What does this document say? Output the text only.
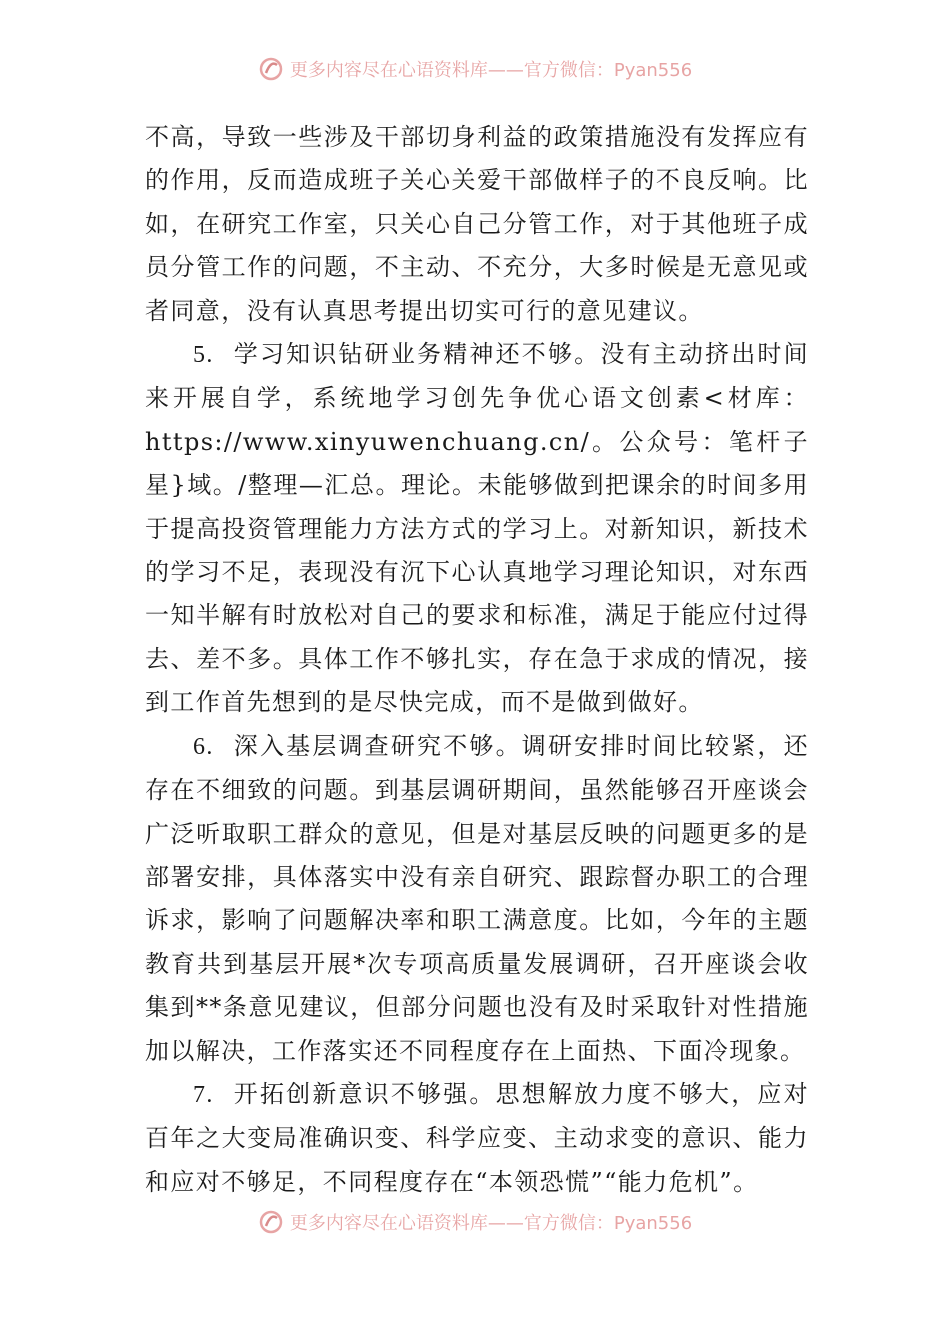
更多内容尽在心语资料库——官方微信：Pyan556

不高，导致一些涉及干部切身利益的政策措施没有发挥应有的作用，反而造成班子关心关爱干部做样子的不良反响。比如，在研究工作室，只关心自己分管工作，对于其他班子成员分管工作的问题，不主动、不充分，大多时候是无意见或者同意，没有认真思考提出切实可行的意见建议。

5. 学习知识钻研业务精神还不够。没有主动挤出时间来开展自学，系统地学习创先争优心语文创素<材库：https://www.xinyuwenchuang.cn/。公众号：笔杆子星}域。/整理—汇总。理论。未能够做到把课余的时间多用于提高投资管理能力方法方式的学习上。对新知识，新技术的学习不足，表现没有沉下心认真地学习理论知识，对东西一知半解有时放松对自己的要求和标准，满足于能应付过得去、差不多。具体工作不够扎实，存在急于求成的情况，接到工作首先想到的是尽快完成，而不是做到做好。

6. 深入基层调查研究不够。调研安排时间比较紧，还存在不细致的问题。到基层调研期间，虽然能够召开座谈会广泛听取职工群众的意见，但是对基层反映的问题更多的是部署安排，具体落实中没有亲自研究、跟踪督办职工的合理诉求，影响了问题解决率和职工满意度。比如，今年的主题教育共到基层开展*次专项高质量发展调研，召开座谈会收集到**条意见建议，但部分问题也没有及时采取针对性措施加以解决，工作落实还不同程度存在上面热、下面冷现象。

7. 开拓创新意识不够强。思想解放力度不够大，应对百年之大变局准确识变、科学应变、主动求变的意识、能力和应对不够足，不同程度存在“本领恐慌”“能力危机”。

更多内容尽在心语资料库——官方微信：Pyan556
